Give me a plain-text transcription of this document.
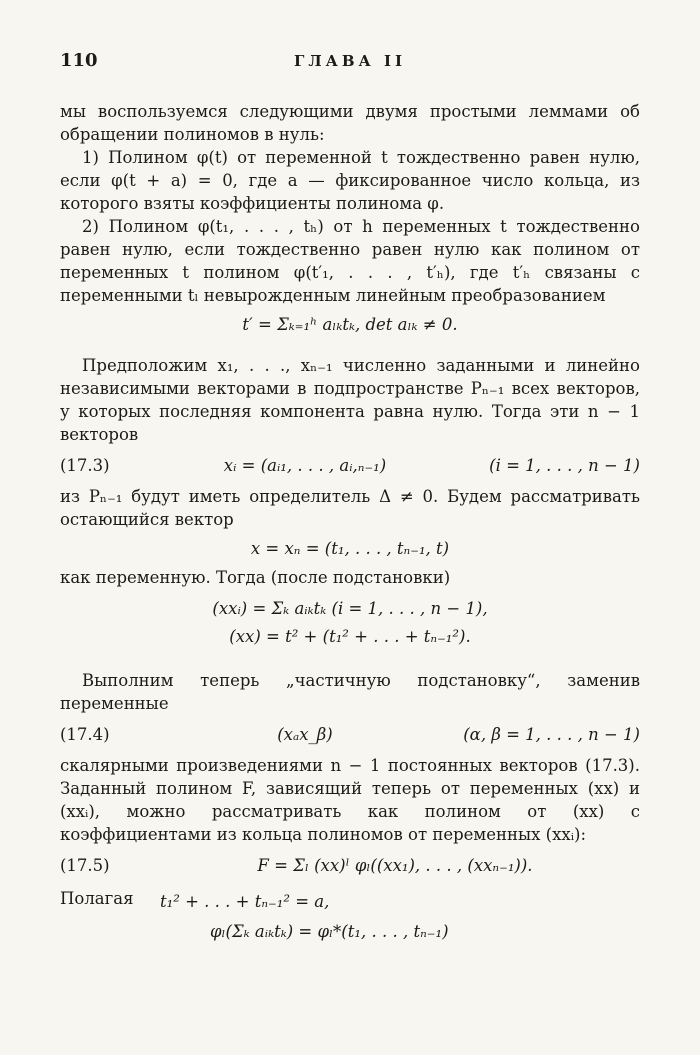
110	ГЛАВА II

мы воспользуемся следующими двумя простыми леммами об обращении полиномов в нуль:

1) Полином φ(t) от переменной t тождественно равен нулю, если φ(t + a) = 0, где a — фиксированное число кольца, из которого взяты коэффициенты полинома φ.

2) Полином φ(t₁, . . . , tₕ) от h переменных t тождественно равен нулю, если тождественно равен нулю как полином от переменных t полином φ(t′₁, . . . , t′ₕ), где t′ₕ связаны с переменными tₗ невырожденным линейным преобразованием

t′ = Σₖ₌₁ʰ aₗₖtₖ, det aₗₖ ≠ 0.

Предположим x₁, . . ., xₙ₋₁ численно заданными и линейно независимыми векторами в подпространстве Pₙ₋₁ всех векторов, у которых последняя компонента равна нулю. Тогда эти n − 1 векторов

(17.3)	xᵢ = (aᵢ₁, . . . , aᵢ,ₙ₋₁)	(i = 1, . . . , n − 1)

из Pₙ₋₁ будут иметь определитель Δ ≠ 0. Будем рассматривать остающийся вектор

x = xₙ = (t₁, . . . , tₙ₋₁, t)

как переменную. Тогда (после подстановки)

(xxᵢ) = Σₖ aᵢₖtₖ (i = 1, . . . , n − 1),
(xx) = t² + (t₁² + . . . + tₙ₋₁²).

Выполним теперь „частичную подстановку“, заменив переменные

(17.4)	(xₐx_β)	(α, β = 1, . . . , n − 1)

скалярными произведениями n − 1 постоянных векторов (17.3). Заданный полином F, зависящий теперь от переменных (xx) и (xxᵢ), можно рассматривать как полином от (xx) с коэффициентами из кольца полиномов от переменных (xxᵢ):

(17.5)	F = Σₗ (xx)ˡ φₗ((xx₁), . . . , (xxₙ₋₁)).
Полагая	t₁² + . . . + tₙ₋₁² = a,
φₗ(Σₖ aᵢₖtₖ) = φₗ*(t₁, . . . , tₙ₋₁)
